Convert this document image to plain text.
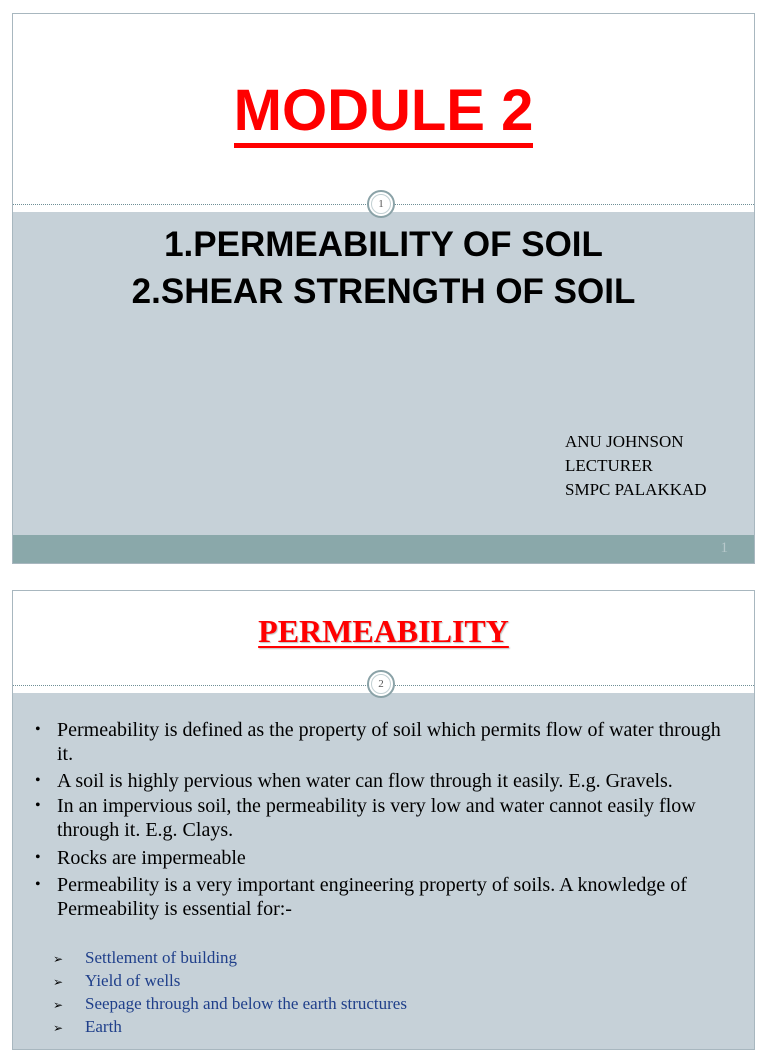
MODULE 2
1
1.PERMEABILITY OF SOIL
2.SHEAR STRENGTH OF SOIL
ANU JOHNSON
LECTURER
SMPC PALAKKAD
1
PERMEABILITY
2
• Permeability is defined as the property of soil which permits flow of water through it.
• A soil is highly pervious when water can flow through it easily. E.g. Gravels.
• In an impervious soil, the permeability is very low and water cannot easily flow through it. E.g. Clays.
• Rocks are impermeable
• Permeability is a very important engineering property of soils. A knowledge of Permeability is essential for:-
➢ Settlement of building
➢ Yield of wells
➢ Seepage through and below the earth structures
➢ Earth
